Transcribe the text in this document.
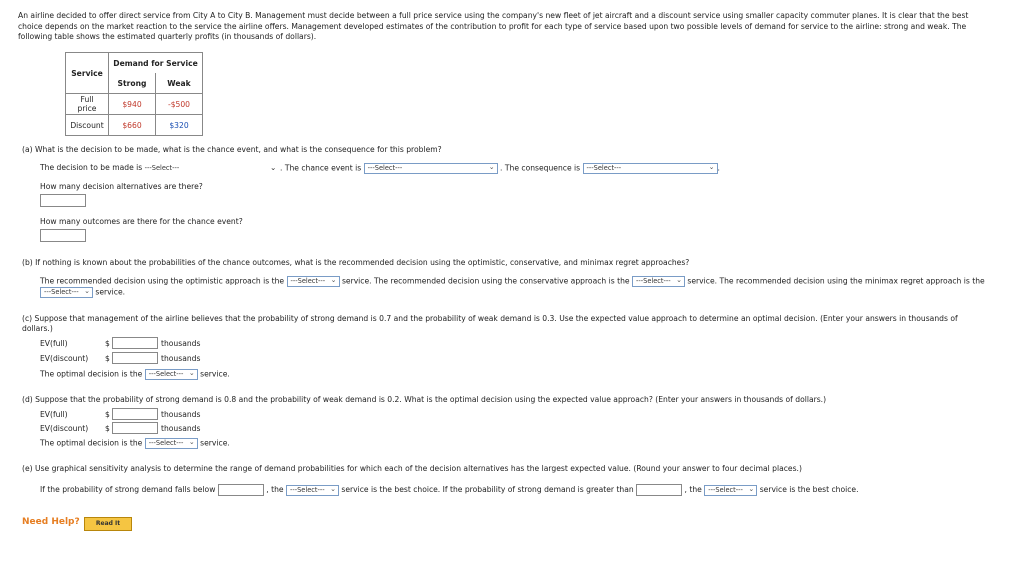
An airline decided to offer direct service from City A to City B. Management must decide between a full price service using the company's new fleet of jet aircraft and a discount service using smaller capacity commuter planes. It is clear that the best choice depends on the market reaction to the service the airline offers. Management developed estimates of the contribution to profit for each type of service based upon two possible levels of demand for service to the airline: strong and weak. The following table shows the estimated quarterly profits (in thousands of dollars).
Service	Demand for Service	
	Strong	Weak
Full price	$940	-$500
Discount	$660	$320
(a) What is the decision to be made, what is the chance event, and what is the consequence for this problem?
The decision to be made is ---Select---	⌄ . The chance event is ---Select---	⌄ . The consequence is ---Select---	⌄ .
How many decision alternatives are there?
How many outcomes are there for the chance event?
(b) If nothing is known about the probabilities of the chance outcomes, what is the recommended decision using the optimistic, conservative, and minimax regret approaches?
The recommended decision using the optimistic approach is the ---Select--- ⌄ service. The recommended decision using the conservative approach is the ---Select--- ⌄ service. The recommended decision using the minimax regret approach is the
---Select--- ⌄ service.
(c) Suppose that management of the airline believes that the probability of strong demand is 0.7 and the probability of weak demand is 0.3. Use the expected value approach to determine an optimal decision. (Enter your answers in thousands of dollars.)
EV(full)	$	thousands
EV(discount) $	thousands
The optimal decision is the ---Select--- ⌄ service.
(d) Suppose that the probability of strong demand is 0.8 and the probability of weak demand is 0.2. What is the optimal decision using the expected value approach? (Enter your answers in thousands of dollars.)
EV(full)	$	thousands
EV(discount) $	thousands
The optimal decision is the ---Select--- ⌄ service.
(e) Use graphical sensitivity analysis to determine the range of demand probabilities for which each of the decision alternatives has the largest expected value. (Round your answer to four decimal places.)
If the probability of strong demand falls below	, the ---Select--- ⌄ service is the best choice. If the probability of strong demand is greater than	, the ---Select--- ⌄ service is the best choice.
Need Help?	Read It
